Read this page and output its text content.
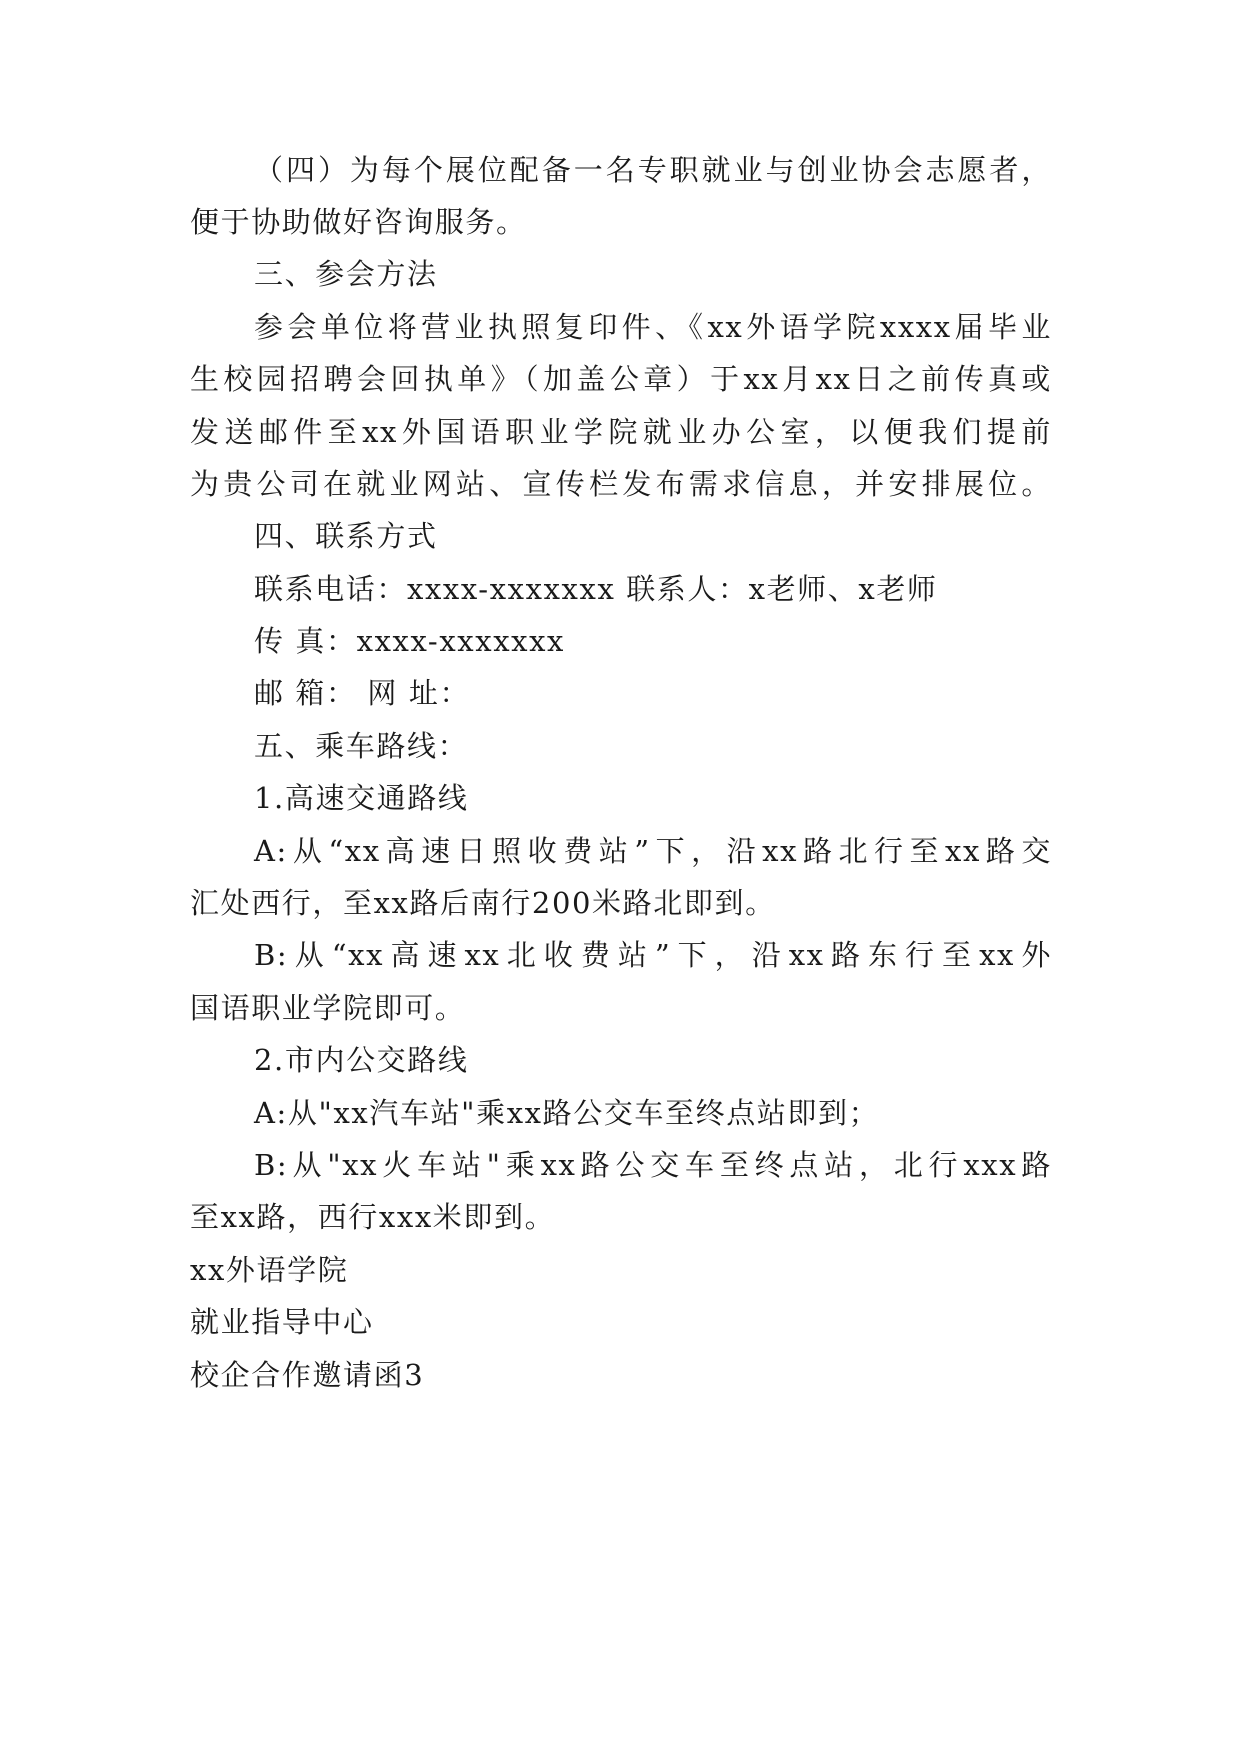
（四）为每个展位配备一名专职就业与创业协会志愿者，
便于协助做好咨询服务。
三、参会方法
参会单位将营业执照复印件、《xx外语学院xxxx届毕业
生校园招聘会回执单》（加盖公章）于xx月xx日之前传真或
发送邮件至xx外国语职业学院就业办公室，以便我们提前
为贵公司在就业网站、宣传栏发布需求信息，并安排展位。
四、联系方式
联系电话：xxxx-xxxxxxx 联系人：x老师、x老师
传 真：xxxx-xxxxxxx
邮 箱： 网 址：
五、乘车路线：
1.高速交通路线
A:从“xx高速日照收费站”下，沿xx路北行至xx路交
汇处西行，至xx路后南行200米路北即到。
B:从“xx高速xx北收费站”下，沿xx路东行至xx外
国语职业学院即可。
2.市内公交路线
A:从"xx汽车站"乘xx路公交车至终点站即到；
B:从"xx火车站"乘xx路公交车至终点站，北行xxx路
至xx路，西行xxx米即到。
xx外语学院
就业指导中心
校企合作邀请函3
